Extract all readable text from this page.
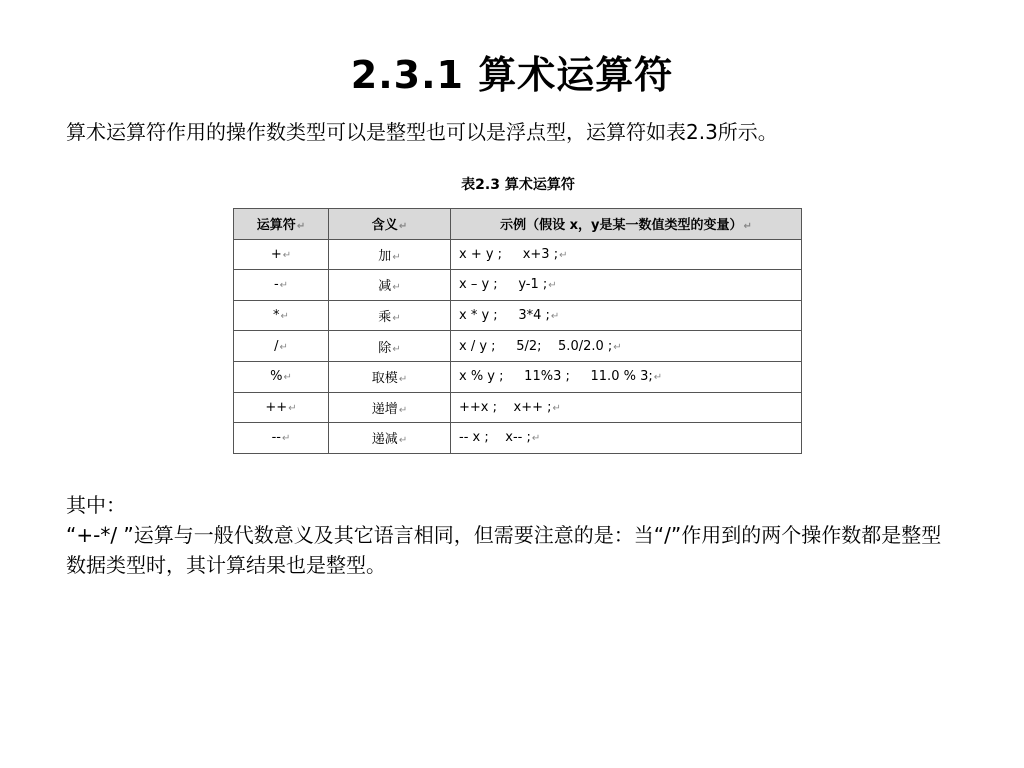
2.3.1 算术运算符
算术运算符作用的操作数类型可以是整型也可以是浮点型，运算符如表2.3所示。
表2.3 算术运算符
运算符↵	含义↵	示例（假设 x，y是某一数值类型的变量）↵
+↵	加↵	x + y ;     x+3 ;↵
-↵	减↵	x – y ;     y-1 ;↵
*↵	乘↵	x * y ;     3*4 ;↵
/↵	除↵	x / y ;     5/2;    5.0/2.0 ;↵
%↵	取模↵	x % y ;     11%3 ;     11.0 % 3;↵
++↵	递增↵	++x ;    x++ ;↵
--↵	递减↵	-- x ;    x-- ;↵

其中：

“+-*/ ”运算与一般代数意义及其它语言相同，但需要注意的是：当“/”作用到的两个操作数都是整型数据类型时，其计算结果也是整型。
